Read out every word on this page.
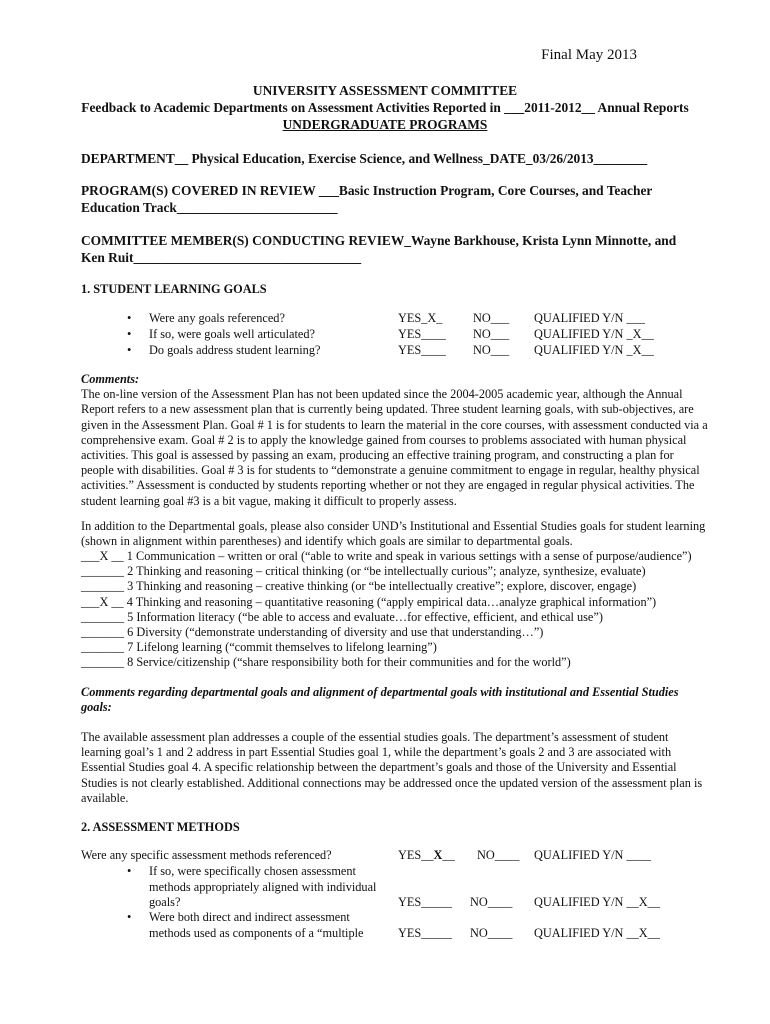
Final May 2013
UNIVERSITY ASSESSMENT COMMITTEE
Feedback to Academic Departments on Assessment Activities Reported in ___2011-2012__ Annual Reports
UNDERGRADUATE PROGRAMS
DEPARTMENT__ Physical Education, Exercise Science, and Wellness_DATE_03/26/2013________
PROGRAM(S) COVERED IN REVIEW ___Basic Instruction Program, Core Courses, and Teacher
Education Track________________________
COMMITTEE MEMBER(S) CONDUCTING REVIEW_Wayne Barkhouse, Krista Lynn Minnotte, and
Ken Ruit__________________________________
1. STUDENT LEARNING GOALS
• Were any goals referenced?	YES_X_ NO___ QUALIFIED Y/N ___
• If so, were goals well articulated?	YES____ NO___ QUALIFIED Y/N _X__
• Do goals address student learning?	YES____ NO___ QUALIFIED Y/N _X__

Comments:

The on-line version of the Assessment Plan has not been updated since the 2004-2005 academic year, although the Annual

Report refers to a new assessment plan that is currently being updated. Three student learning goals, with sub-objectives, are

given in the Assessment Plan. Goal # 1 is for students to learn the material in the core courses, with assessment conducted via a

comprehensive exam. Goal # 2 is to apply the knowledge gained from courses to problems associated with human physical

activities. This goal is assessed by passing an exam, producing an effective training program, and constructing a plan for

people with disabilities. Goal # 3 is for students to “demonstrate a genuine commitment to engage in regular, healthy physical

activities.” Assessment is conducted by students reporting whether or not they are engaged in regular physical activities. The

student learning goal #3 is a bit vague, making it difficult to properly assess.

In addition to the Departmental goals, please also consider UND’s Institutional and Essential Studies goals for student learning

(shown in alignment within parentheses) and identify which goals are similar to departmental goals.

___X __ 1 Communication – written or oral (“able to write and speak in various settings with a sense of purpose/audience”)
_______ 2 Thinking and reasoning – critical thinking (or “be intellectually curious”; analyze, synthesize, evaluate)
_______ 3 Thinking and reasoning – creative thinking (or “be intellectually creative”; explore, discover, engage)
___X __ 4 Thinking and reasoning – quantitative reasoning (“apply empirical data…analyze graphical information”)
_______ 5 Information literacy (“be able to access and evaluate…for effective, efficient, and ethical use”)
_______ 6 Diversity (“demonstrate understanding of diversity and use that understanding…”)
_______ 7 Lifelong learning (“commit themselves to lifelong learning”)
_______ 8 Service/citizenship (“share responsibility both for their communities and for the world”)

Comments regarding departmental goals and alignment of departmental goals with institutional and Essential Studies

goals:

The available assessment plan addresses a couple of the essential studies goals. The department’s assessment of student

learning goal’s 1 and 2 address in part Essential Studies goal 1, while the department’s goals 2 and 3 are associated with

Essential Studies goal 4. A specific relationship between the department’s goals and those of the University and Essential

Studies is not clearly established. Additional connections may be addressed once the updated version of the assessment plan is

available.

2. ASSESSMENT METHODS
Were any specific assessment methods referenced?	YES__X__ NO____ QUALIFIED Y/N ____
• If so, were specifically chosen assessment
methods appropriately aligned with individual
goals?	YES_____ NO____ QUALIFIED Y/N __X__
• Were both direct and indirect assessment
methods used as components of a “multiple	YES_____ NO____ QUALIFIED Y/N __X__
